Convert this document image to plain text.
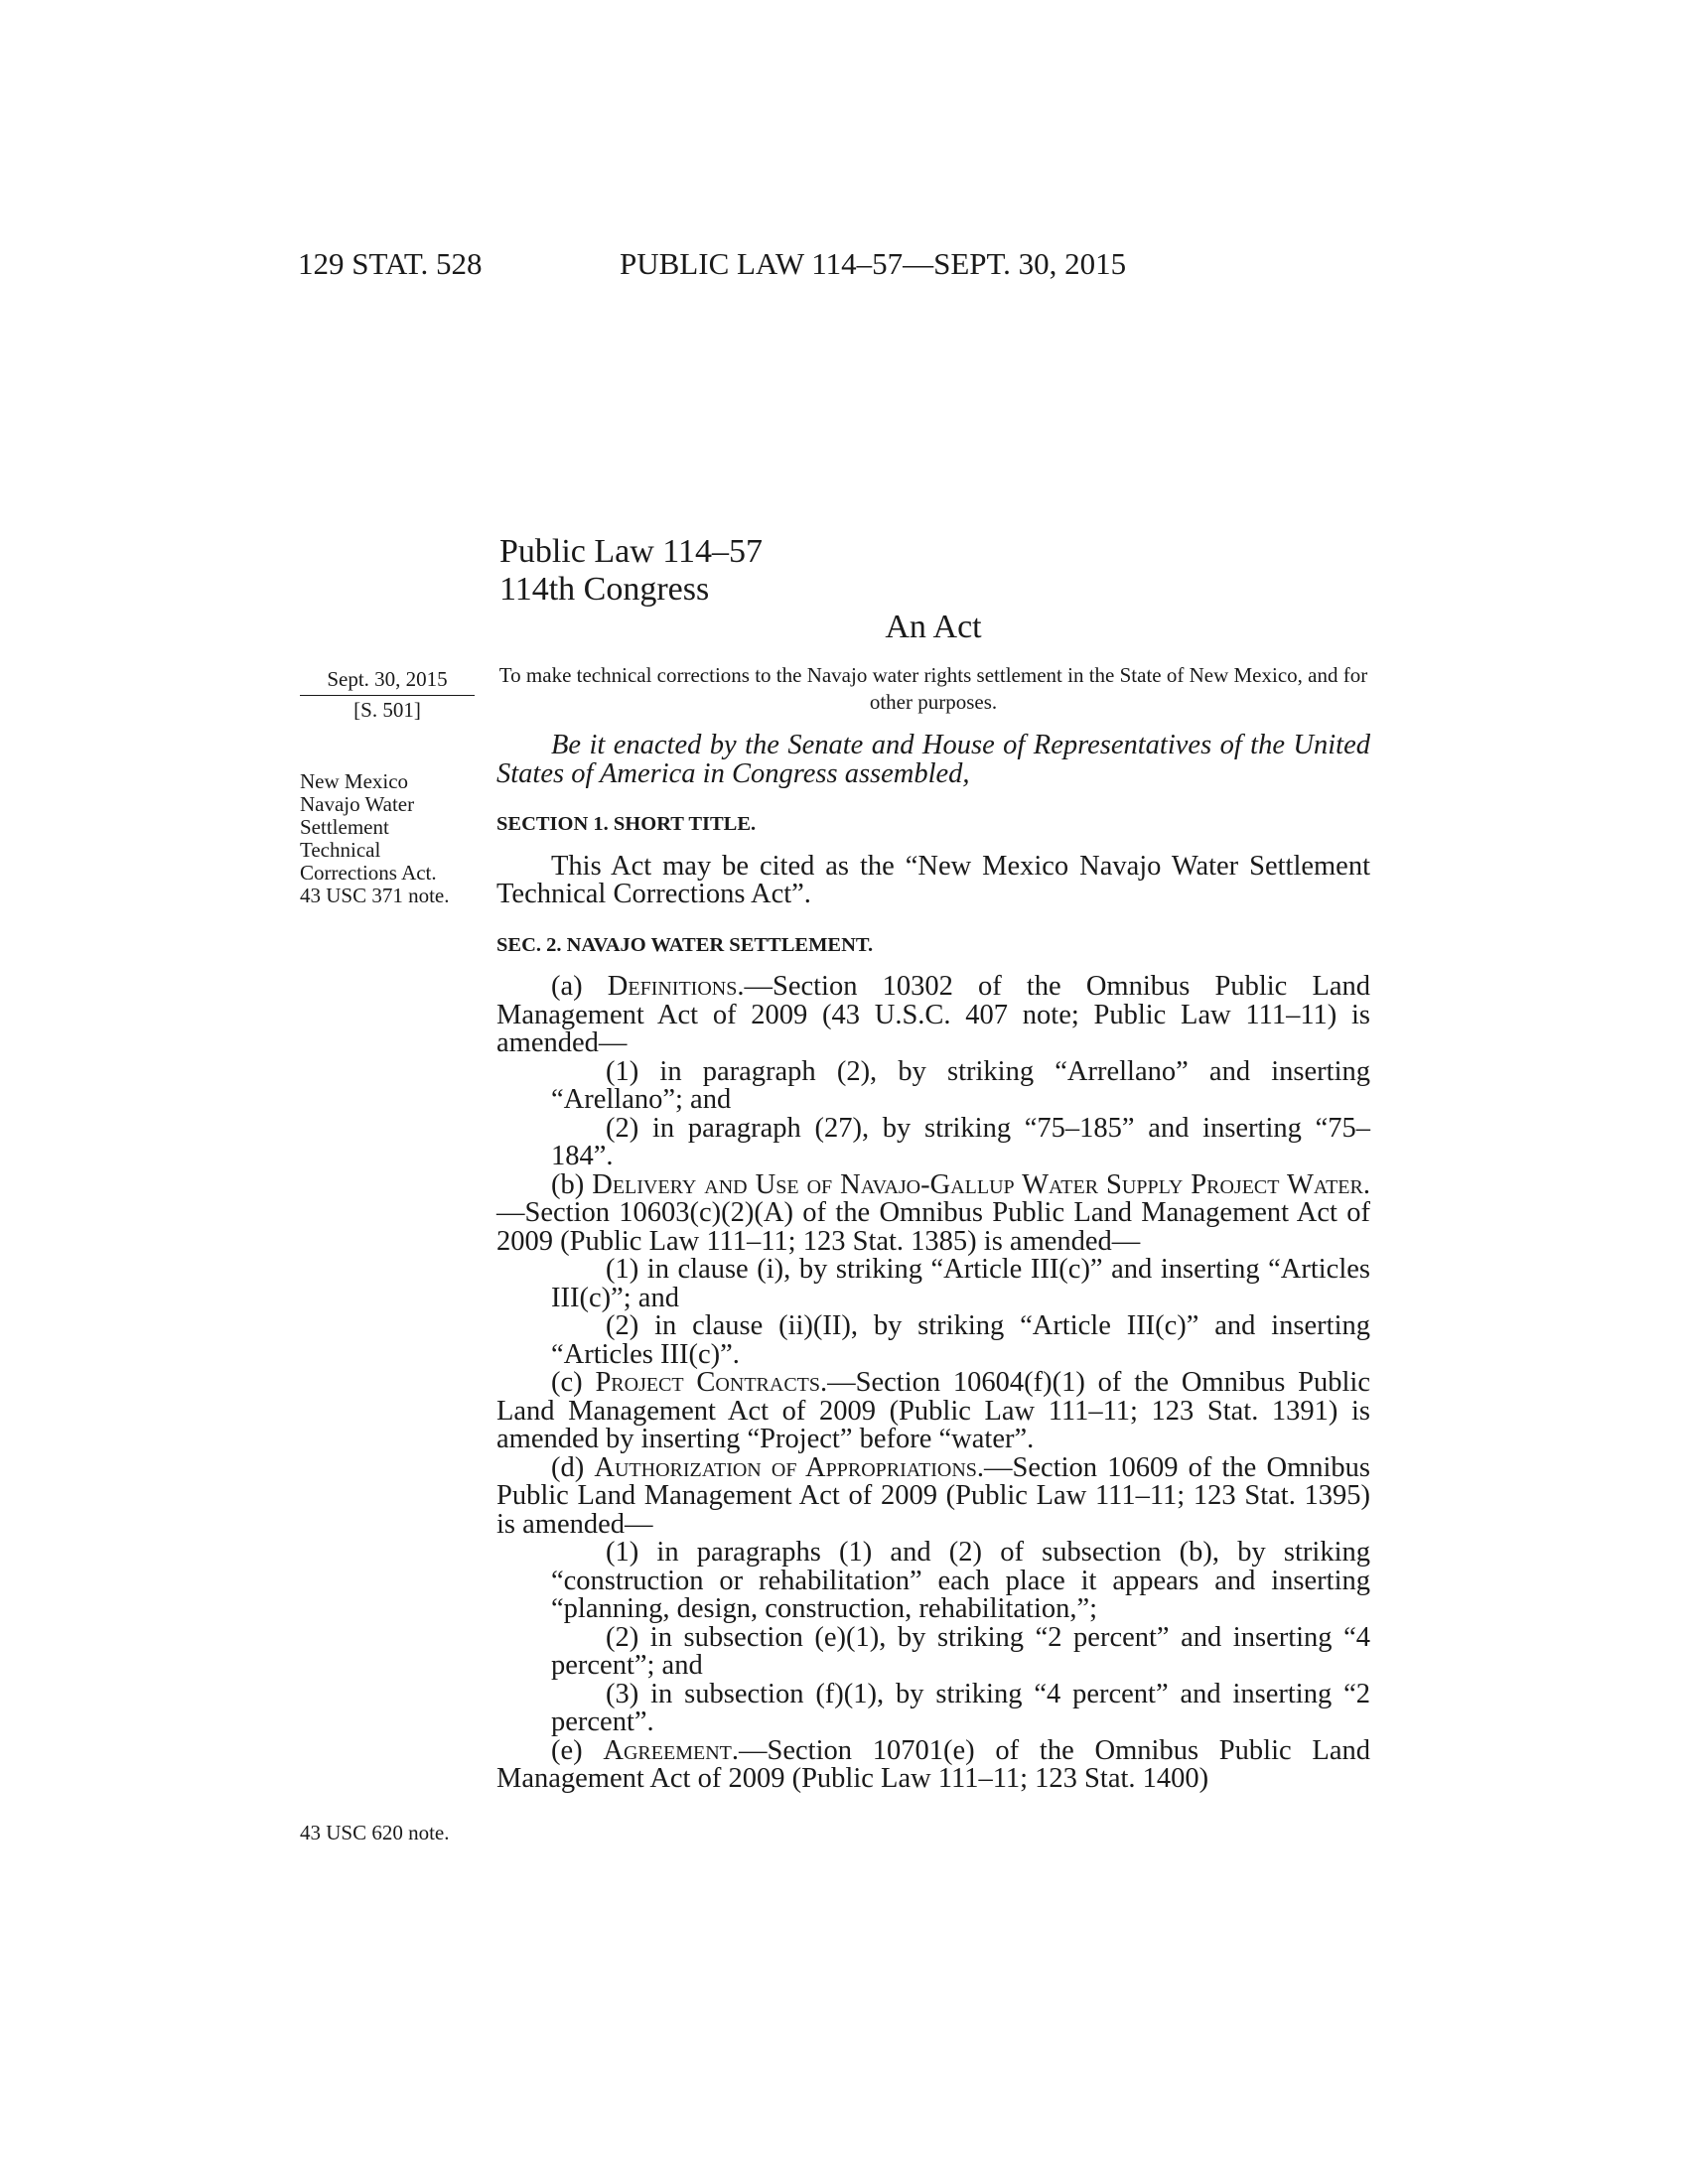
129 STAT. 528	PUBLIC LAW 114–57—SEPT. 30, 2015
Public Law 114–57
114th Congress
An Act
Sept. 30, 2015
[S. 501]
To make technical corrections to the Navajo water rights settlement in the State of New Mexico, and for other purposes.
New Mexico
Navajo Water
Settlement
Technical
Corrections Act.
43 USC 371 note.
43 USC 620 note.

Be it enacted by the Senate and House of Representatives of the United States of America in Congress assembled,

SECTION 1. SHORT TITLE.

This Act may be cited as the “New Mexico Navajo Water Settlement Technical Corrections Act”.

SEC. 2. NAVAJO WATER SETTLEMENT.

(a) Definitions.—Section 10302 of the Omnibus Public Land Management Act of 2009 (43 U.S.C. 407 note; Public Law 111–11) is amended—

(1) in paragraph (2), by striking “Arrellano” and inserting “Arellano”; and

(2) in paragraph (27), by striking “75–185” and inserting “75–184”.

(b) Delivery and Use of Navajo-Gallup Water Supply Project Water.—Section 10603(c)(2)(A) of the Omnibus Public Land Management Act of 2009 (Public Law 111–11; 123 Stat. 1385) is amended—

(1) in clause (i), by striking “Article III(c)” and inserting “Articles III(c)”; and

(2) in clause (ii)(II), by striking “Article III(c)” and inserting “Articles III(c)”.

(c) Project Contracts.—Section 10604(f)(1) of the Omnibus Public Land Management Act of 2009 (Public Law 111–11; 123 Stat. 1391) is amended by inserting “Project” before “water”.

(d) Authorization of Appropriations.—Section 10609 of the Omnibus Public Land Management Act of 2009 (Public Law 111–11; 123 Stat. 1395) is amended—

(1) in paragraphs (1) and (2) of subsection (b), by striking “construction or rehabilitation” each place it appears and inserting “planning, design, construction, rehabilitation,”;

(2) in subsection (e)(1), by striking “2 percent” and inserting “4 percent”; and

(3) in subsection (f)(1), by striking “4 percent” and inserting “2 percent”.

(e) Agreement.—Section 10701(e) of the Omnibus Public Land Management Act of 2009 (Public Law 111–11; 123 Stat. 1400)
